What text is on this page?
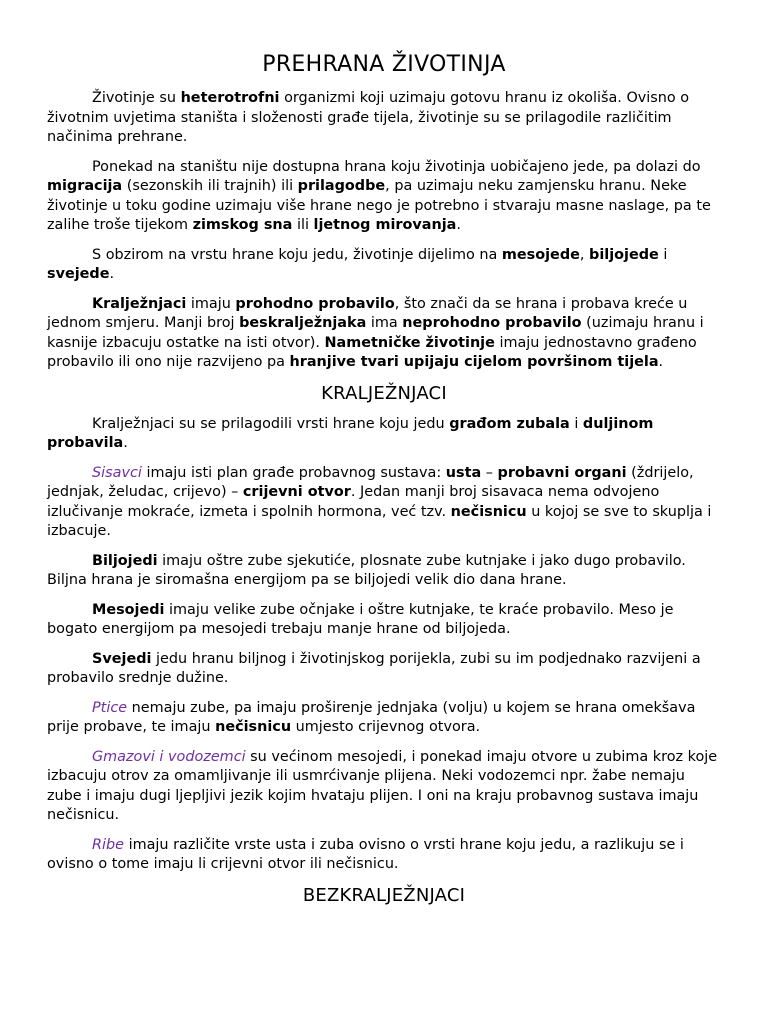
PREHRANA ŽIVOTINJA

Životinje su heterotrofni organizmi koji uzimaju gotovu hranu iz okoliša. Ovisno o životnim uvjetima staništa i složenosti građe tijela, životinje su se prilagodile različitim načinima prehrane.

Ponekad na staništu nije dostupna hrana koju životinja uobičajeno jede, pa dolazi do migracija (sezonskih ili trajnih) ili prilagodbe, pa uzimaju neku zamjensku hranu. Neke životinje u toku godine uzimaju više hrane nego je potrebno i stvaraju masne naslage, pa te zalihe troše tijekom zimskog sna ili ljetnog mirovanja.

S obzirom na vrstu hrane koju jedu, životinje dijelimo na mesojede, biljojede i svejede.

Kralježnjaci imaju prohodno probavilo, što znači da se hrana i probava kreće u jednom smjeru. Manji broj beskralježnjaka ima neprohodno probavilo (uzimaju hranu i kasnije izbacuju ostatke na isti otvor). Nametničke životinje imaju jednostavno građeno probavilo ili ono nije razvijeno pa hranjive tvari upijaju cijelom površinom tijela.

KRALJEŽNJACI

Kralježnjaci su se prilagodili vrsti hrane koju jedu građom zubala i duljinom probavila.

Sisavci imaju isti plan građe probavnog sustava: usta – probavni organi (ždrijelo, jednjak, želudac, crijevo) – crijevni otvor. Jedan manji broj sisavaca nema odvojeno izlučivanje mokraće, izmeta i spolnih hormona, već tzv. nečisnicu u kojoj se sve to skuplja i izbacuje.

Biljojedi imaju oštre zube sjekutiće, plosnate zube kutnjake i jako dugo probavilo. Biljna hrana je siromašna energijom pa se biljojedi velik dio dana hrane.

Mesojedi imaju velike zube očnjake i oštre kutnjake, te kraće probavilo. Meso je bogato energijom pa mesojedi trebaju manje hrane od biljojeda.

Svejedi jedu hranu biljnog i životinjskog porijekla, zubi su im podjednako razvijeni a probavilo srednje dužine.

Ptice nemaju zube, pa imaju proširenje jednjaka (volju) u kojem se hrana omekšava prije probave, te imaju nečisnicu umjesto crijevnog otvora.

Gmazovi i vodozemci su većinom mesojedi, i ponekad imaju otvore u zubima kroz koje izbacuju otrov za omamljivanje ili usmrćivanje plijena. Neki vodozemci npr. žabe nemaju zube i imaju dugi ljepljivi jezik kojim hvataju plijen. I oni na kraju probavnog sustava imaju nečisnicu.

Ribe imaju različite vrste usta i zuba ovisno o vrsti hrane koju jedu, a razlikuju se i ovisno o tome imaju li crijevni otvor ili nečisnicu.

BEZKRALJEŽNJACI
